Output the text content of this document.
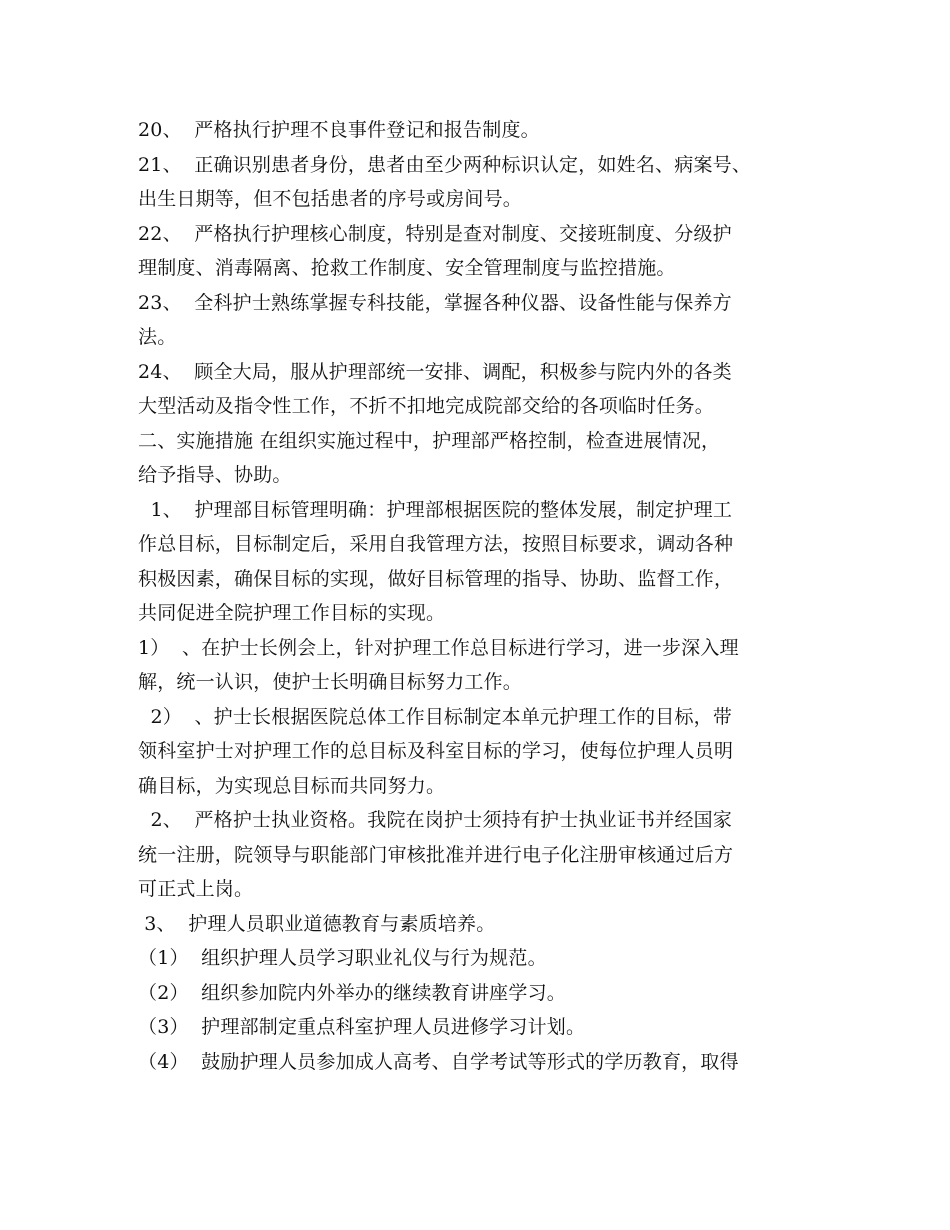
20、  严格执行护理不良事件登记和报告制度。
21、  正确识别患者身份，患者由至少两种标识认定，如姓名、病案号、
出生日期等，但不包括患者的序号或房间号。
22、  严格执行护理核心制度，特别是查对制度、交接班制度、分级护
理制度、消毒隔离、抢救工作制度、安全管理制度与监控措施。
23、  全科护士熟练掌握专科技能，掌握各种仪器、设备性能与保养方
法。
24、  顾全大局，服从护理部统一安排、调配，积极参与院内外的各类
大型活动及指令性工作，不折不扣地完成院部交给的各项临时任务。
二、实施措施 在组织实施过程中，护理部严格控制，检查进展情况，
给予指导、协助。
1、  护理部目标管理明确：护理部根据医院的整体发展，制定护理工
作总目标，目标制定后，采用自我管理方法，按照目标要求，调动各种
积极因素，确保目标的实现，做好目标管理的指导、协助、监督工作，
共同促进全院护理工作目标的实现。
1）  、在护士长例会上，针对护理工作总目标进行学习，进一步深入理
解，统一认识，使护士长明确目标努力工作。
2）  、护士长根据医院总体工作目标制定本单元护理工作的目标，带
领科室护士对护理工作的总目标及科室目标的学习，使每位护理人员明
确目标，为实现总目标而共同努力。
2、  严格护士执业资格。我院在岗护士须持有护士执业证书并经国家
统一注册，院领导与职能部门审核批准并进行电子化注册审核通过后方
可正式上岗。
3、  护理人员职业道德教育与素质培养。
（1）  组织护理人员学习职业礼仪与行为规范。
（2）  组织参加院内外举办的继续教育讲座学习。
（3）  护理部制定重点科室护理人员进修学习计划。
（4）  鼓励护理人员参加成人高考、自学考试等形式的学历教育，取得
